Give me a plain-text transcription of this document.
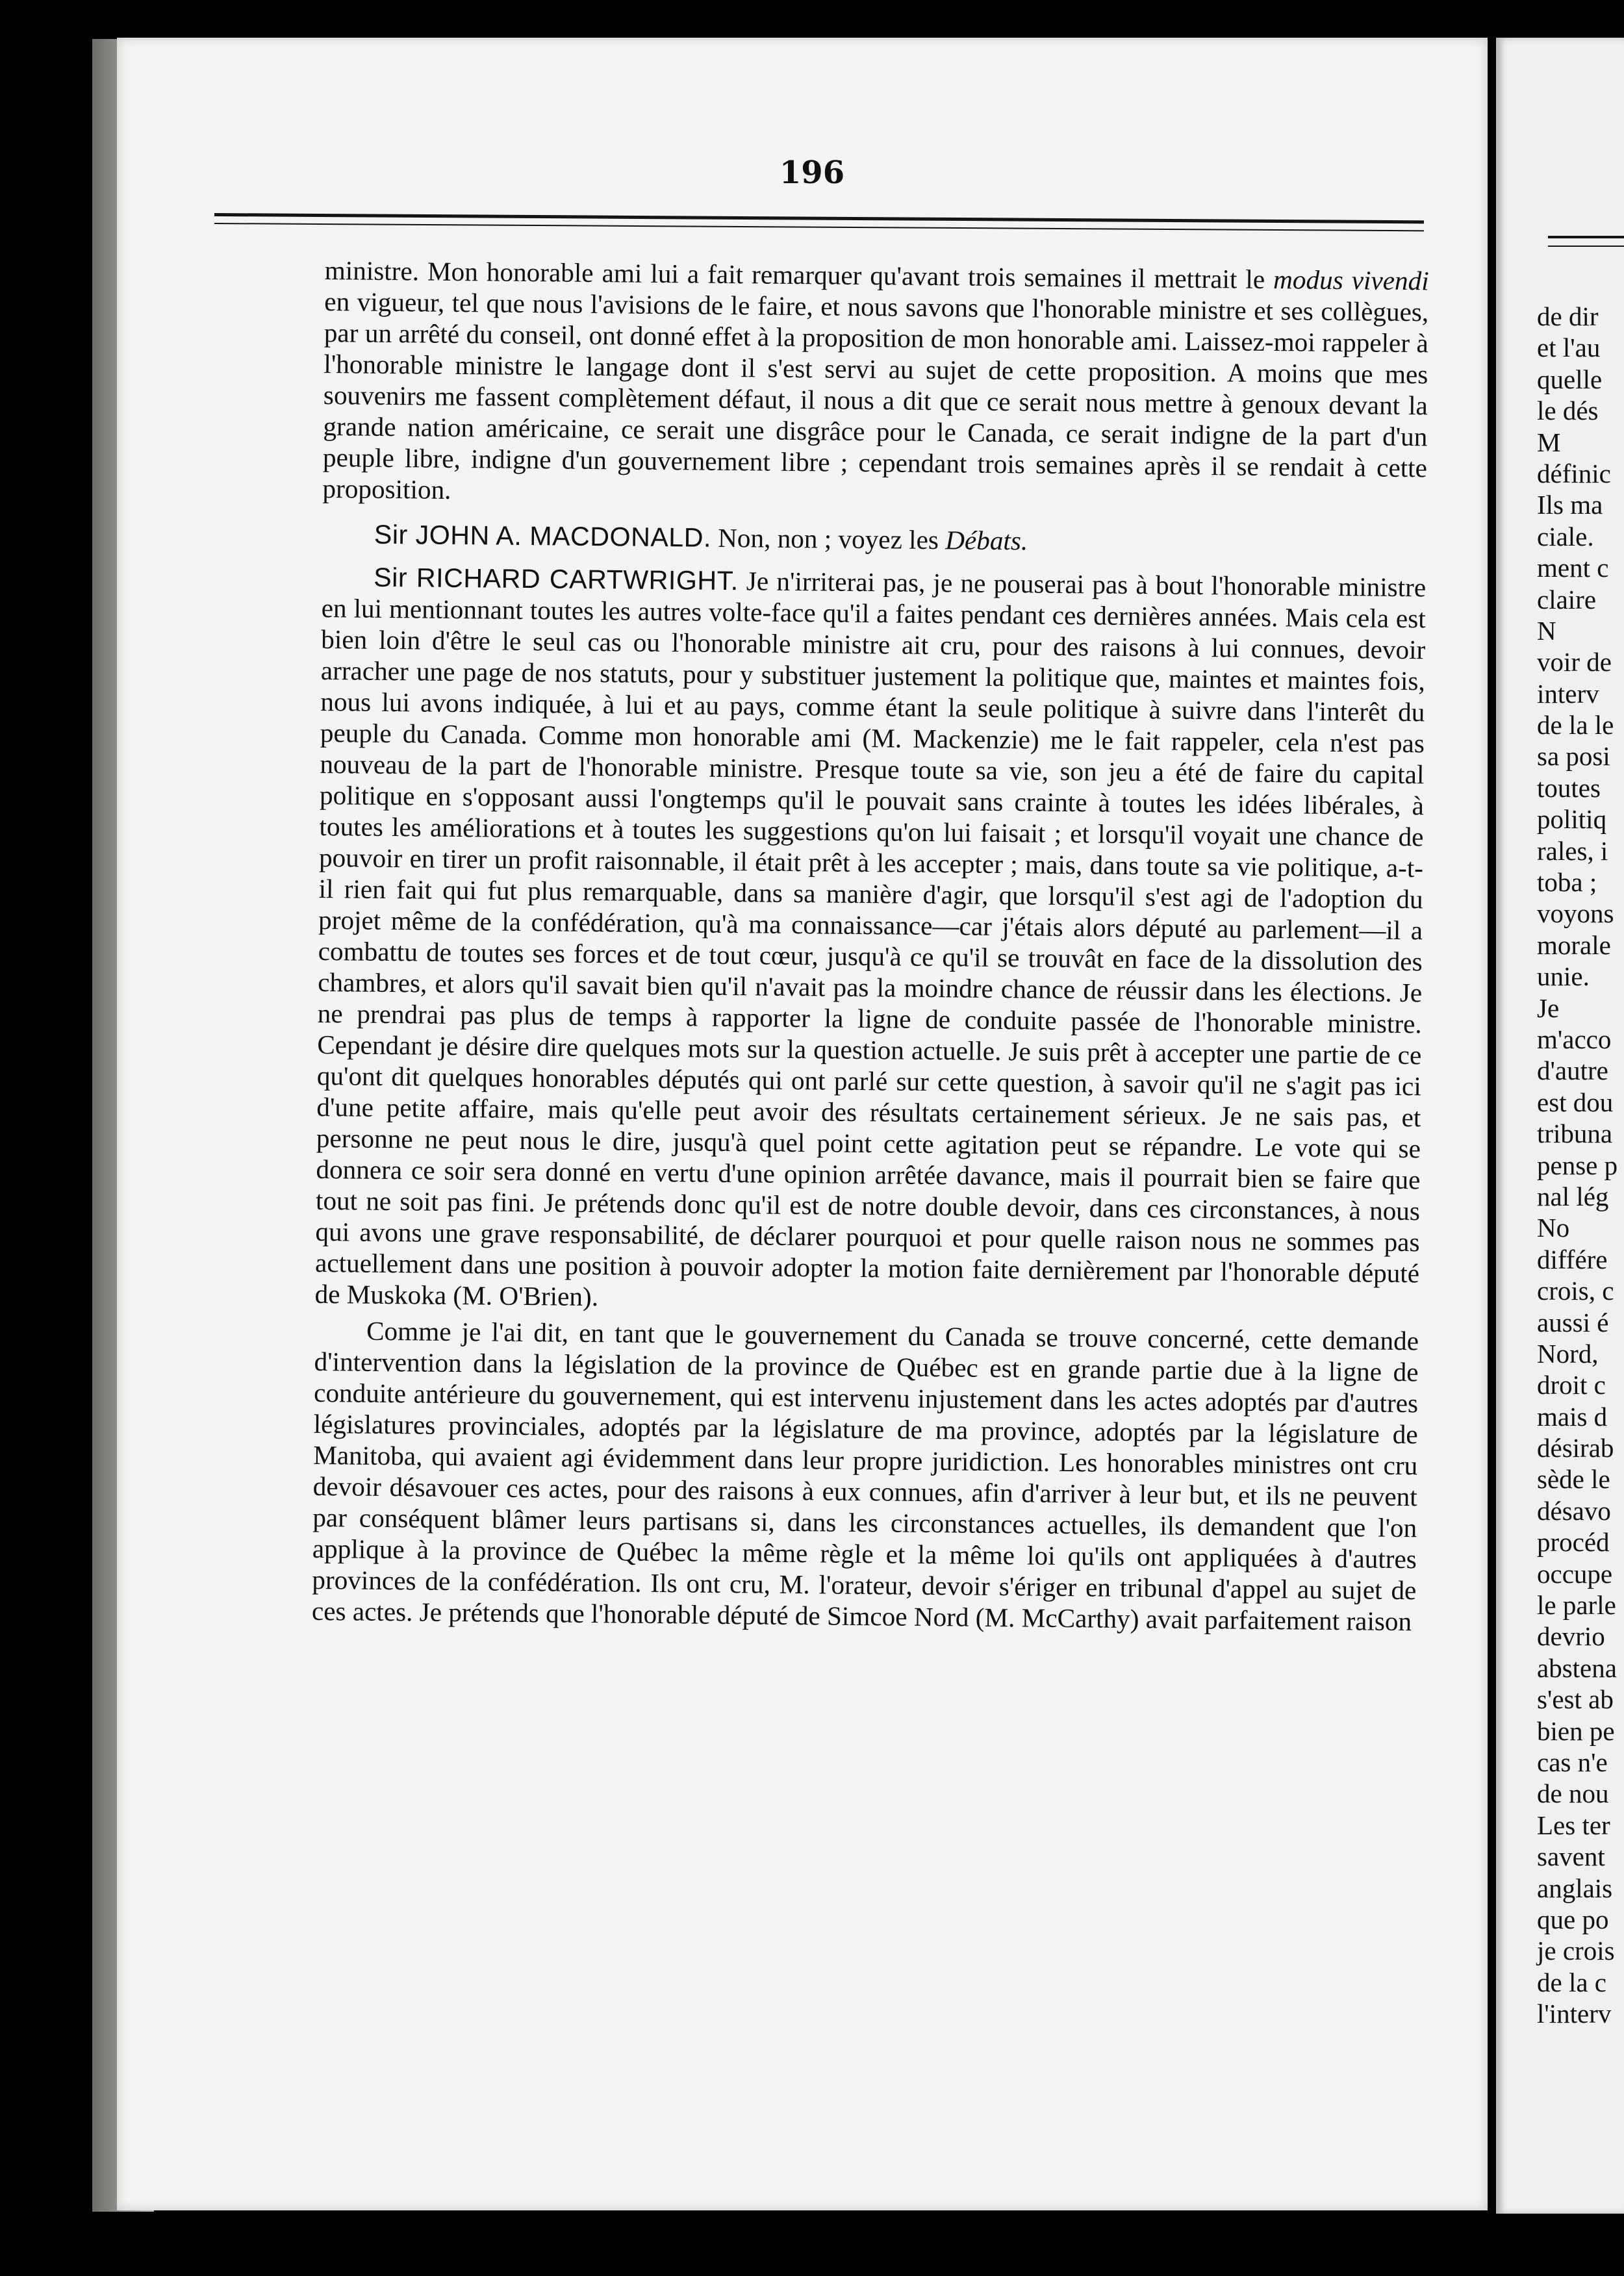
196

ministre. Mon honorable ami lui a fait remarquer qu'avant trois semaines il mettrait le modus vivendi en vigueur, tel que nous l'avisions de le faire, et nous savons que l'honorable ministre et ses collègues, par un arrêté du conseil, ont donné effet à la proposition de mon honorable ami. Laissez-moi rappeler à l'honorable ministre le langage dont il s'est servi au sujet de cette proposition. A moins que mes souvenirs me fassent complètement défaut, il nous a dit que ce serait nous mettre à genoux devant la grande nation américaine, ce serait une disgrâce pour le Canada, ce serait indigne de la part d'un peuple libre, indigne d'un gouvernement libre ; cependant trois semaines après il se rendait à cette proposition.

Sir JOHN A. MACDONALD. Non, non ; voyez les Débats.

Sir RICHARD CARTWRIGHT. Je n'irriterai pas, je ne pouserai pas à bout l'honorable ministre en lui mentionnant toutes les autres volte-face qu'il a faites pendant ces dernières années. Mais cela est bien loin d'être le seul cas ou l'honorable ministre ait cru, pour des raisons à lui connues, devoir arracher une page de nos statuts, pour y substituer justement la politique que, maintes et maintes fois, nous lui avons indiquée, à lui et au pays, comme étant la seule politique à suivre dans l'interêt du peuple du Canada. Comme mon honorable ami (M. Mackenzie) me le fait rappeler, cela n'est pas nouveau de la part de l'honorable ministre. Presque toute sa vie, son jeu a été de faire du capital politique en s'opposant aussi l'ongtemps qu'il le pouvait sans crainte à toutes les idées libérales, à toutes les améliorations et à toutes les suggestions qu'on lui faisait ; et lorsqu'il voyait une chance de pouvoir en tirer un profit raisonnable, il était prêt à les accepter ; mais, dans toute sa vie politique, a-t-il rien fait qui fut plus remarquable, dans sa manière d'agir, que lorsqu'il s'est agi de l'adoption du projet même de la confédération, qu'à ma connaissance—car j'étais alors député au parlement—il a combattu de toutes ses forces et de tout cœur, jusqu'à ce qu'il se trouvât en face de la dissolution des chambres, et alors qu'il savait bien qu'il n'avait pas la moindre chance de réussir dans les élections. Je ne prendrai pas plus de temps à rapporter la ligne de conduite passée de l'honorable ministre. Cependant je désire dire quelques mots sur la question actuelle. Je suis prêt à accepter une partie de ce qu'ont dit quelques honorables députés qui ont parlé sur cette question, à savoir qu'il ne s'agit pas ici d'une petite affaire, mais qu'elle peut avoir des résultats certainement sérieux. Je ne sais pas, et personne ne peut nous le dire, jusqu'à quel point cette agitation peut se répandre. Le vote qui se donnera ce soir sera donné en vertu d'une opinion arrêtée davance, mais il pourrait bien se faire que tout ne soit pas fini. Je prétends donc qu'il est de notre double devoir, dans ces circonstances, à nous qui avons une grave responsabilité, de déclarer pourquoi et pour quelle raison nous ne sommes pas actuellement dans une position à pouvoir adopter la motion faite dernièrement par l'honorable député de Muskoka (M. O'Brien).

Comme je l'ai dit, en tant que le gouvernement du Canada se trouve concerné, cette demande d'intervention dans la législation de la province de Québec est en grande partie due à la ligne de conduite antérieure du gouvernement, qui est intervenu injustement dans les actes adoptés par d'autres législatures provinciales, adoptés par la législature de ma province, adoptés par la législature de Manitoba, qui avaient agi évidemment dans leur propre juridiction. Les honorables ministres ont cru devoir désavouer ces actes, pour des raisons à eux connues, afin d'arriver à leur but, et ils ne peuvent par conséquent blâmer leurs partisans si, dans les circonstances actuelles, ils demandent que l'on applique à la province de Québec la même règle et la même loi qu'ils ont appliquées à d'autres provinces de la confédération. Ils ont cru, M. l'orateur, devoir s'ériger en tribunal d'appel au sujet de ces actes. Je prétends que l'honorable député de Simcoe Nord (M. McCarthy) avait parfaitement raison

de dir
et l'au
quelle
le dés
M
définic
Ils ma
ciale.
ment c
claire
N
voir de
interv
de la le
sa posi
toutes
politiq
rales, i
toba ;
voyons
morale
unie.
Je
m'acco
d'autre
est dou
tribuna
pense p
nal lég
No
différe
crois, c
aussi é
Nord,
droit c
mais d
désirab
sède le
désavo
procéd
occupe
le parle
devrio
abstena
s'est ab
bien pe
cas n'e
de nou
Les ter
savent
anglais
que po
je crois
de la c
l'interv
